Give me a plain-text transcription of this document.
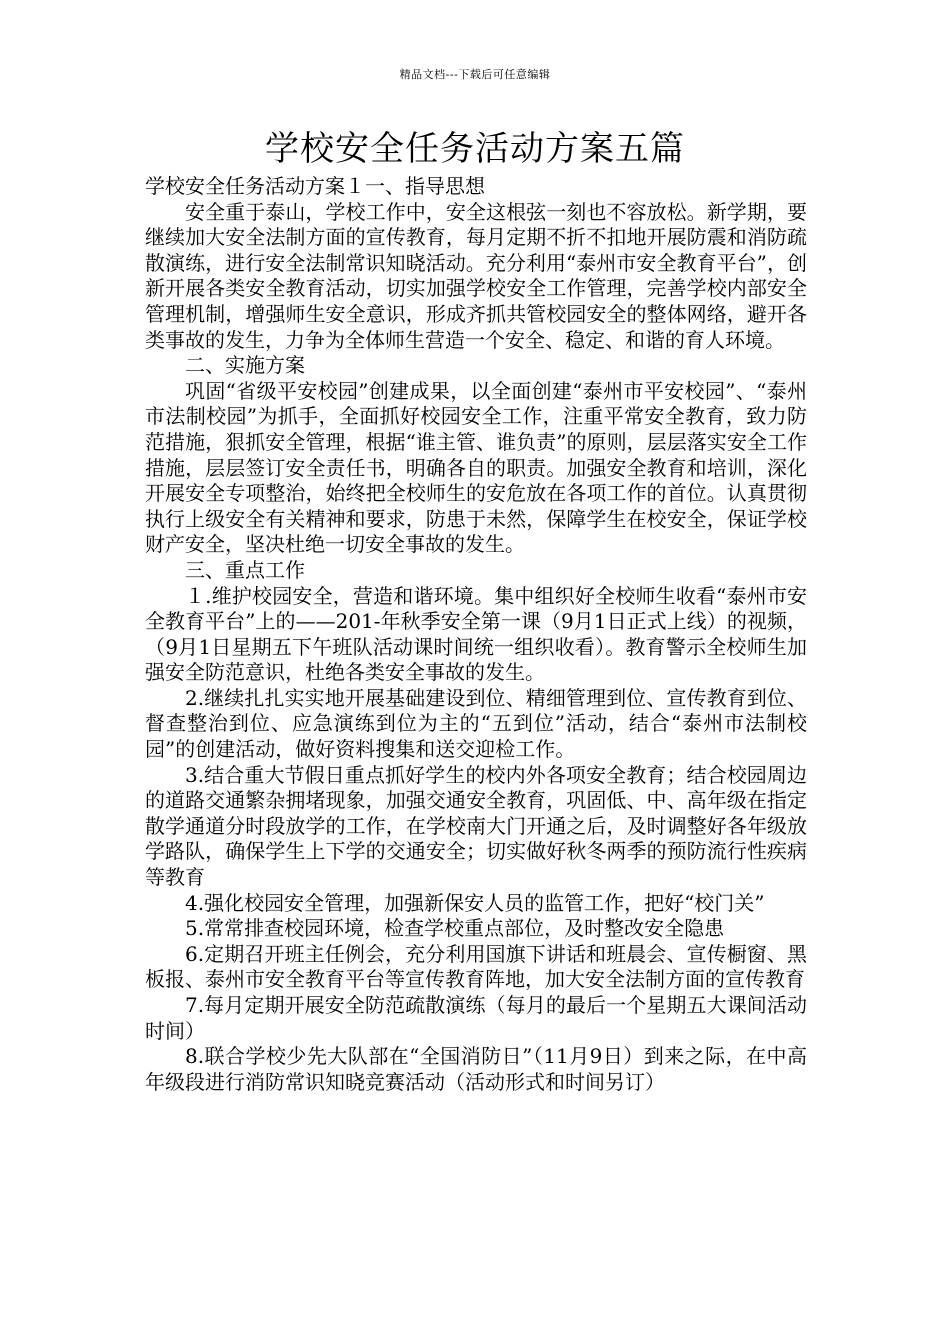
精品文档---下载后可任意编辑
学校安全任务活动方案五篇

学校安全任务活动方案１一、指导思想

安全重于泰山，学校工作中，安全这根弦一刻也不容放松。新学期，要继续加大安全法制方面的宣传教育，每月定期不折不扣地开展防震和消防疏散演练，进行安全法制常识知晓活动。充分利用“泰州市安全教育平台”，创新开展各类安全教育活动，切实加强学校安全工作管理，完善学校内部安全管理机制，增强师生安全意识，形成齐抓共管校园安全的整体网络，避开各类事故的发生，力争为全体师生营造一个安全、稳定、和谐的育人环境。

二、实施方案

巩固“省级平安校园”创建成果，以全面创建“泰州市平安校园”、“泰州市法制校园”为抓手，全面抓好校园安全工作，注重平常安全教育，致力防范措施，狠抓安全管理，根据“谁主管、谁负责”的原则，层层落实安全工作措施，层层签订安全责任书，明确各自的职责。加强安全教育和培训，深化开展安全专项整治，始终把全校师生的安危放在各项工作的首位。认真贯彻执行上级安全有关精神和要求，防患于未然，保障学生在校安全，保证学校财产安全，坚决杜绝一切安全事故的发生。

三、重点工作

１.维护校园安全，营造和谐环境。集中组织好全校师生收看“泰州市安全教育平台”上的——201-年秋季安全第一课（9月1日正式上线）的视频，（9月1日星期五下午班队活动课时间统一组织收看）。教育警示全校师生加强安全防范意识，杜绝各类安全事故的发生。

2.继续扎扎实实地开展基础建设到位、精细管理到位、宣传教育到位、督查整治到位、应急演练到位为主的“五到位”活动，结合“泰州市法制校园”的创建活动，做好资料搜集和送交迎检工作。

3.结合重大节假日重点抓好学生的校内外各项安全教育；结合校园周边的道路交通繁杂拥堵现象，加强交通安全教育，巩固低、中、高年级在指定散学通道分时段放学的工作，在学校南大门开通之后，及时调整好各年级放学路队，确保学生上下学的交通安全；切实做好秋冬两季的预防流行性疾病等教育

4.强化校园安全管理，加强新保安人员的监管工作，把好“校门关”

5.常常排查校园环境，检查学校重点部位，及时整改安全隐患

6.定期召开班主任例会，充分利用国旗下讲话和班晨会、宣传橱窗、黑板报、泰州市安全教育平台等宣传教育阵地，加大安全法制方面的宣传教育

7.每月定期开展安全防范疏散演练（每月的最后一个星期五大课间活动时间）

8.联合学校少先大队部在“全国消防日”（11月9日）到来之际，在中高年级段进行消防常识知晓竞赛活动（活动形式和时间另订）
